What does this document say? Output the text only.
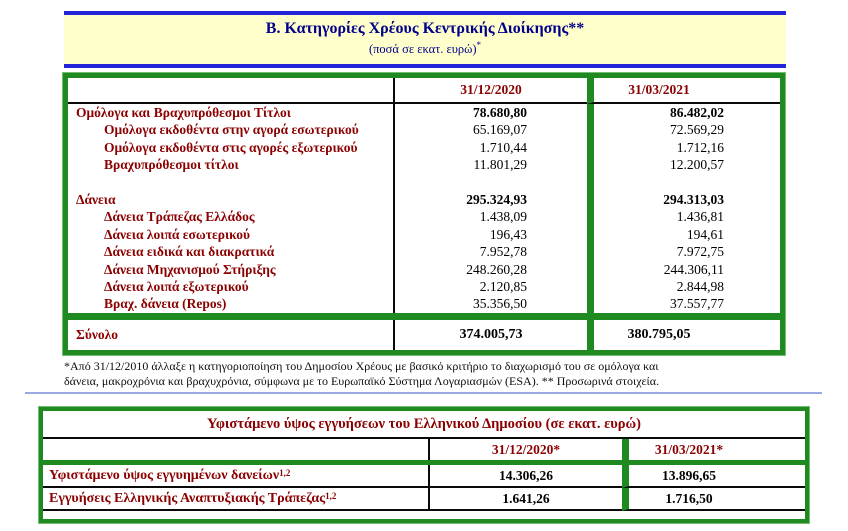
Β. Κατηγορίες Χρέους Κεντρικής Διοίκησης**
(ποσά σε εκατ. ευρώ)*
31/12/2020	31/03/2021
Ομόλογα και Βραχυπρόθεσμοι Τίτλοι	78.680,80	86.482,02
Ομόλογα εκδοθέντα στην αγορά εσωτερικού	65.169,07	72.569,29
Ομόλογα εκδοθέντα στις αγορές εξωτερικού	1.710,44	1.712,16
Βραχυπρόθεσμοι τίτλοι	11.801,29	12.200,57
Δάνεια	295.324,93	294.313,03
Δάνεια Τράπεζας Ελλάδος	1.438,09	1.436,81
Δάνεια λοιπά εσωτερικού	196,43	194,61
Δάνεια ειδικά και διακρατικά	7.952,78	7.972,75
Δάνεια Μηχανισμού Στήριξης	248.260,28	244.306,11
Δάνεια λοιπά εξωτερικού	2.120,85	2.844,98
Βραχ. δάνεια (Repos)	35.356,50	37.557,77
Σύνολο	374.005,73	380.795,05
*Από 31/12/2010 άλλαξε η κατηγοριοποίηση του Δημοσίου Χρέους με βασικό κριτήριο το διαχωρισμό του σε ομόλογα και
δάνεια, μακροχρόνια και βραχυχρόνια, σύμφωνα με το Ευρωπαϊκό Σύστημα Λογαριασμών (ESA). ** Προσωρινά στοιχεία.
Υφιστάμενο ύψος εγγυήσεων του Ελληνικού Δημοσίου (σε εκατ. ευρώ)
31/12/2020*	31/03/2021*
Υφιστάμενο ύψος εγγυημένων δανείων$^{1,2}$	14.306,26	13.896,65
Εγγυήσεις Ελληνικής Αναπτυξιακής Τράπεζας$^{1,2}$	1.641,26	1.716,50
